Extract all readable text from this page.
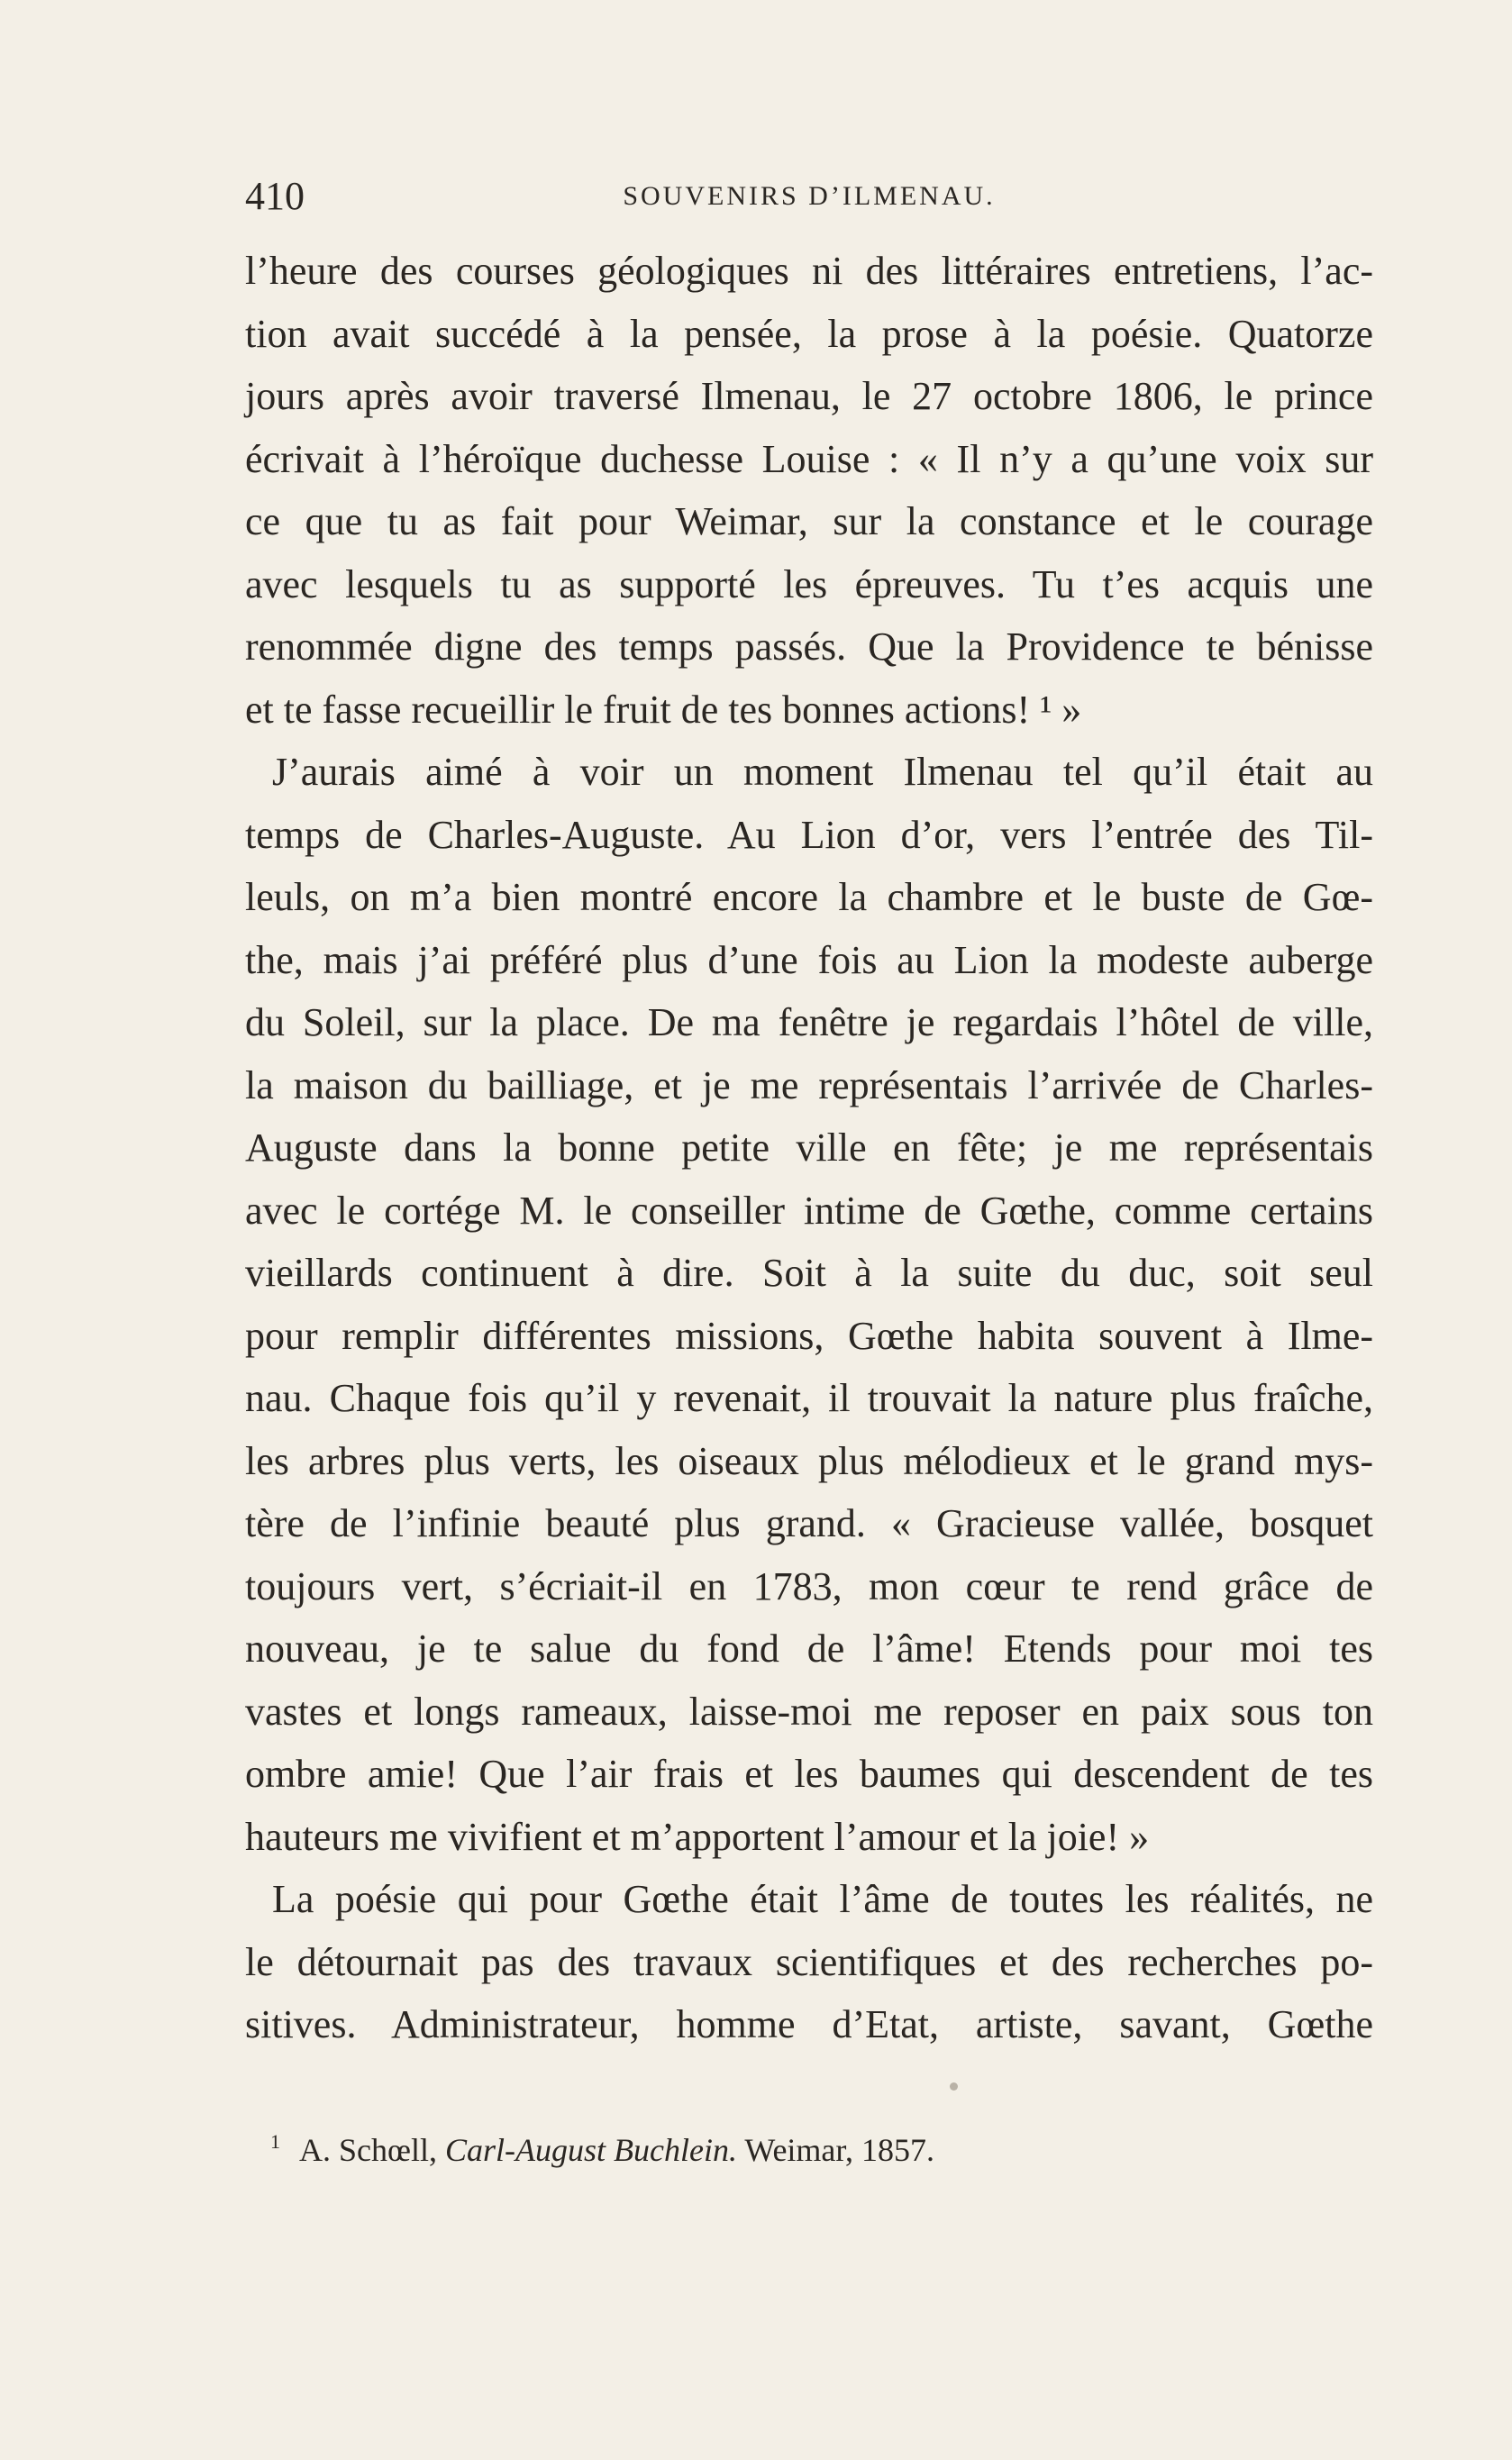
410	SOUVENIRS D’ILMENAU.
l’heure des courses géologiques ni des littéraires entretiens, l’ac-
tion avait succédé à la pensée, la prose à la poésie. Quatorze
jours après avoir traversé Ilmenau, le 27 octobre 1806, le prince
écrivait à l’héroïque duchesse Louise : « Il n’y a qu’une voix sur
ce que tu as fait pour Weimar, sur la constance et le courage
avec lesquels tu as supporté les épreuves. Tu t’es acquis une
renommée digne des temps passés. Que la Providence te bénisse
et te fasse recueillir le fruit de tes bonnes actions! ¹ »
J’aurais aimé à voir un moment Ilmenau tel qu’il était au
temps de Charles-Auguste. Au Lion d’or, vers l’entrée des Til-
leuls, on m’a bien montré encore la chambre et le buste de Gœ-
the, mais j’ai préféré plus d’une fois au Lion la modeste auberge
du Soleil, sur la place. De ma fenêtre je regardais l’hôtel de ville,
la maison du bailliage, et je me représentais l’arrivée de Charles-
Auguste dans la bonne petite ville en fête; je me représentais
avec le cortége M. le conseiller intime de Gœthe, comme certains
vieillards continuent à dire. Soit à la suite du duc, soit seul
pour remplir différentes missions, Gœthe habita souvent à Ilme-
nau. Chaque fois qu’il y revenait, il trouvait la nature plus fraîche,
les arbres plus verts, les oiseaux plus mélodieux et le grand mys-
tère de l’infinie beauté plus grand. « Gracieuse vallée, bosquet
toujours vert, s’écriait-il en 1783, mon cœur te rend grâce de
nouveau, je te salue du fond de l’âme! Etends pour moi tes
vastes et longs rameaux, laisse-moi me reposer en paix sous ton
ombre amie! Que l’air frais et les baumes qui descendent de tes
hauteurs me vivifient et m’apportent l’amour et la joie! »
La poésie qui pour Gœthe était l’âme de toutes les réalités, ne
le détournait pas des travaux scientifiques et des recherches po-
sitives. Administrateur, homme d’Etat, artiste, savant, Gœthe
$^1$ A. Schœll, Carl-August Buchlein. Weimar, 1857.
